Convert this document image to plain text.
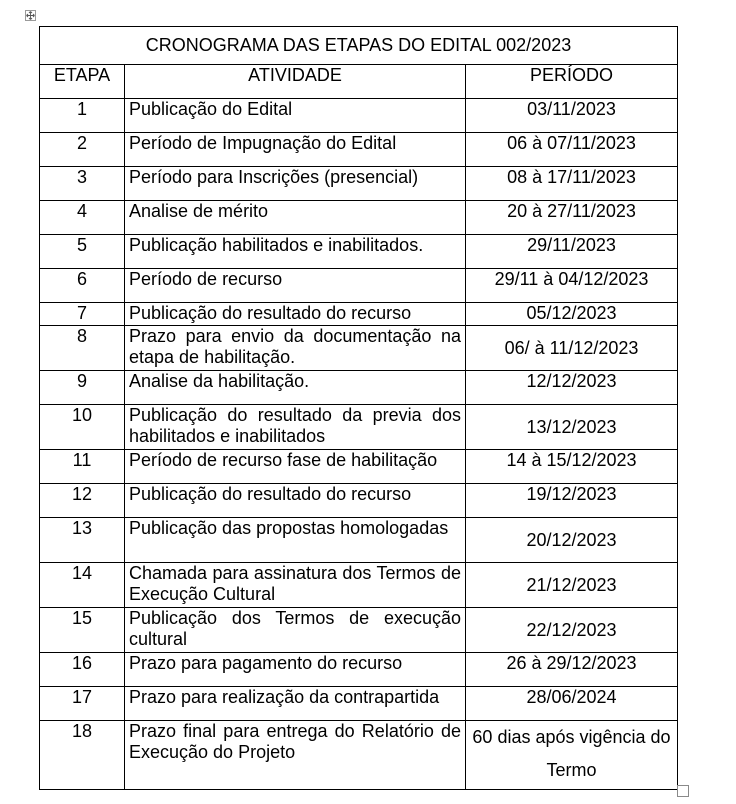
CRONOGRAMA DAS ETAPAS DO EDITAL 002/2023		
ETAPA	ATIVIDADE	PERÍODO
1	Publicação do Edital	03/11/2023
2	Período de Impugnação do Edital	06 à 07/11/2023
3	Período para Inscrições (presencial)	08 à 17/11/2023
4	Analise de mérito	20 à 27/11/2023
5	Publicação habilitados e inabilitados.	29/11/2023
6	Período de recurso	29/11 à 04/12/2023
7	Publicação do resultado do recurso	05/12/2023
8	Prazo para envio da documentação na etapa de habilitação.	06/ à 11/12/2023
9	Analise da habilitação.	12/12/2023
10	Publicação do resultado da previa dos habilitados e inabilitados	13/12/2023
11	Período de recurso fase de habilitação	14 à 15/12/2023
12	Publicação do resultado do recurso	19/12/2023
13	Publicação das propostas homologadas	20/12/2023
14	Chamada para assinatura dos Termos de Execução Cultural	21/12/2023
15	Publicação dos Termos de execução cultural	22/12/2023
16	Prazo para pagamento do recurso	26 à 29/12/2023
17	Prazo para realização da contrapartida	28/06/2024
18	Prazo final para entrega do Relatório de Execução do Projeto	60 dias após vigência do Termo
